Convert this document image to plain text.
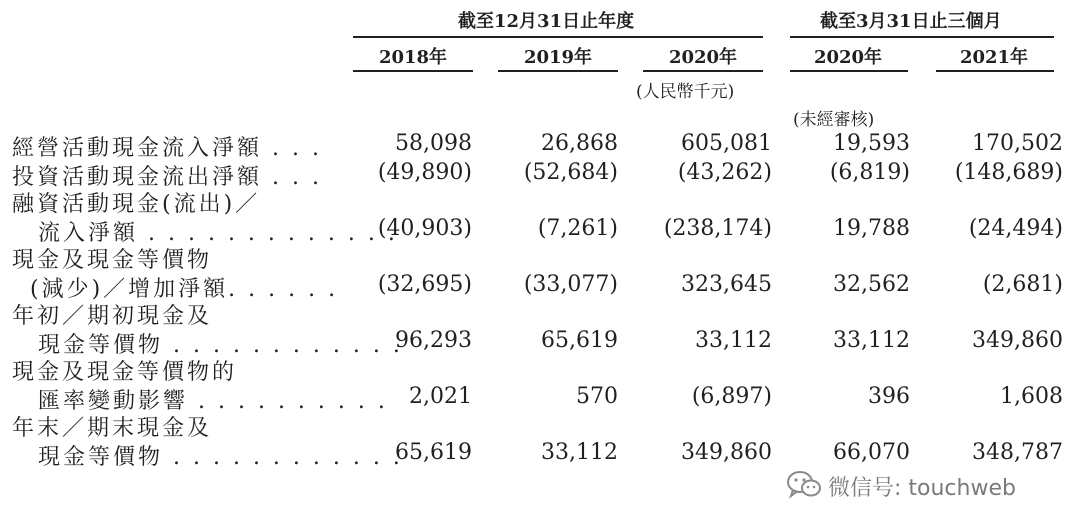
截至12月31日止年度	截至3月31日止三個月
2018年	2019年	2020年	2020年	2021年
(人民幣千元)
(未經審核)
經營活動現金流入淨額 . . .	58,098	26,868	605,081	19,593	170,502
投資活動現金流出淨額 . . .	(49,890) (52,684)	(43,262)	(6,819) (148,689)
融資活動現金(流出)／
流入淨額 . . . . . . . . . . . . .
(40,903)	(7,261) (238,174)	19,788	(24,494)
現金及現金等價物
(減少)／增加淨額. . . . . . (32,695) (33,077)	323,645	32,562	(2,681)
年初／期初現金及
現金等價物 . . . . . . . . . . . .
96,293	65,619	33,112	33,112	349,860
現金及現金等價物的
匯率變動影響 . . . . . . . . . . 2,021	570	(6,897)	396	1,608
年末／期末現金及
現金等價物 . . . . . . . . . . . .
65,619	33,112	349,860	66,070	348,787
微信号: touchweb
